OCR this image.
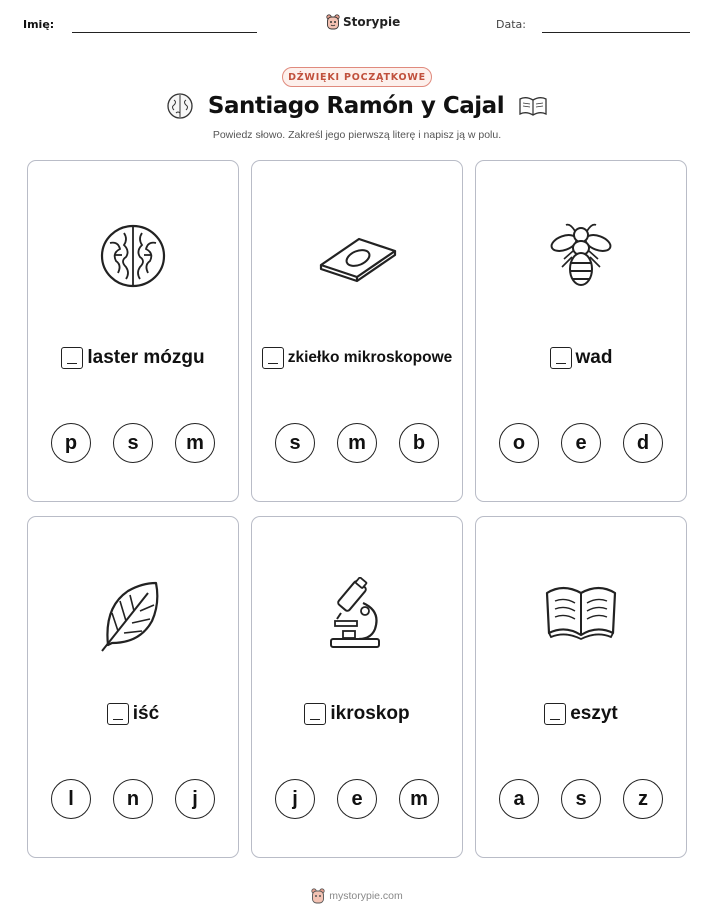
Imię:	Storypie	Data:
DŹWIĘKI POCZĄTKOWE
Santiago Ramón y Cajal
Powiedz słowo. Zakreśl jego pierwszą literę i napisz ją w polu.
laster mózgu
p	s	m
zkiełko mikroskopowe
s	m	b
wad
o	e	d
iść
l	n	j
ikroskop
j	e	m
eszyt
a	s	z
mystorypie.com
